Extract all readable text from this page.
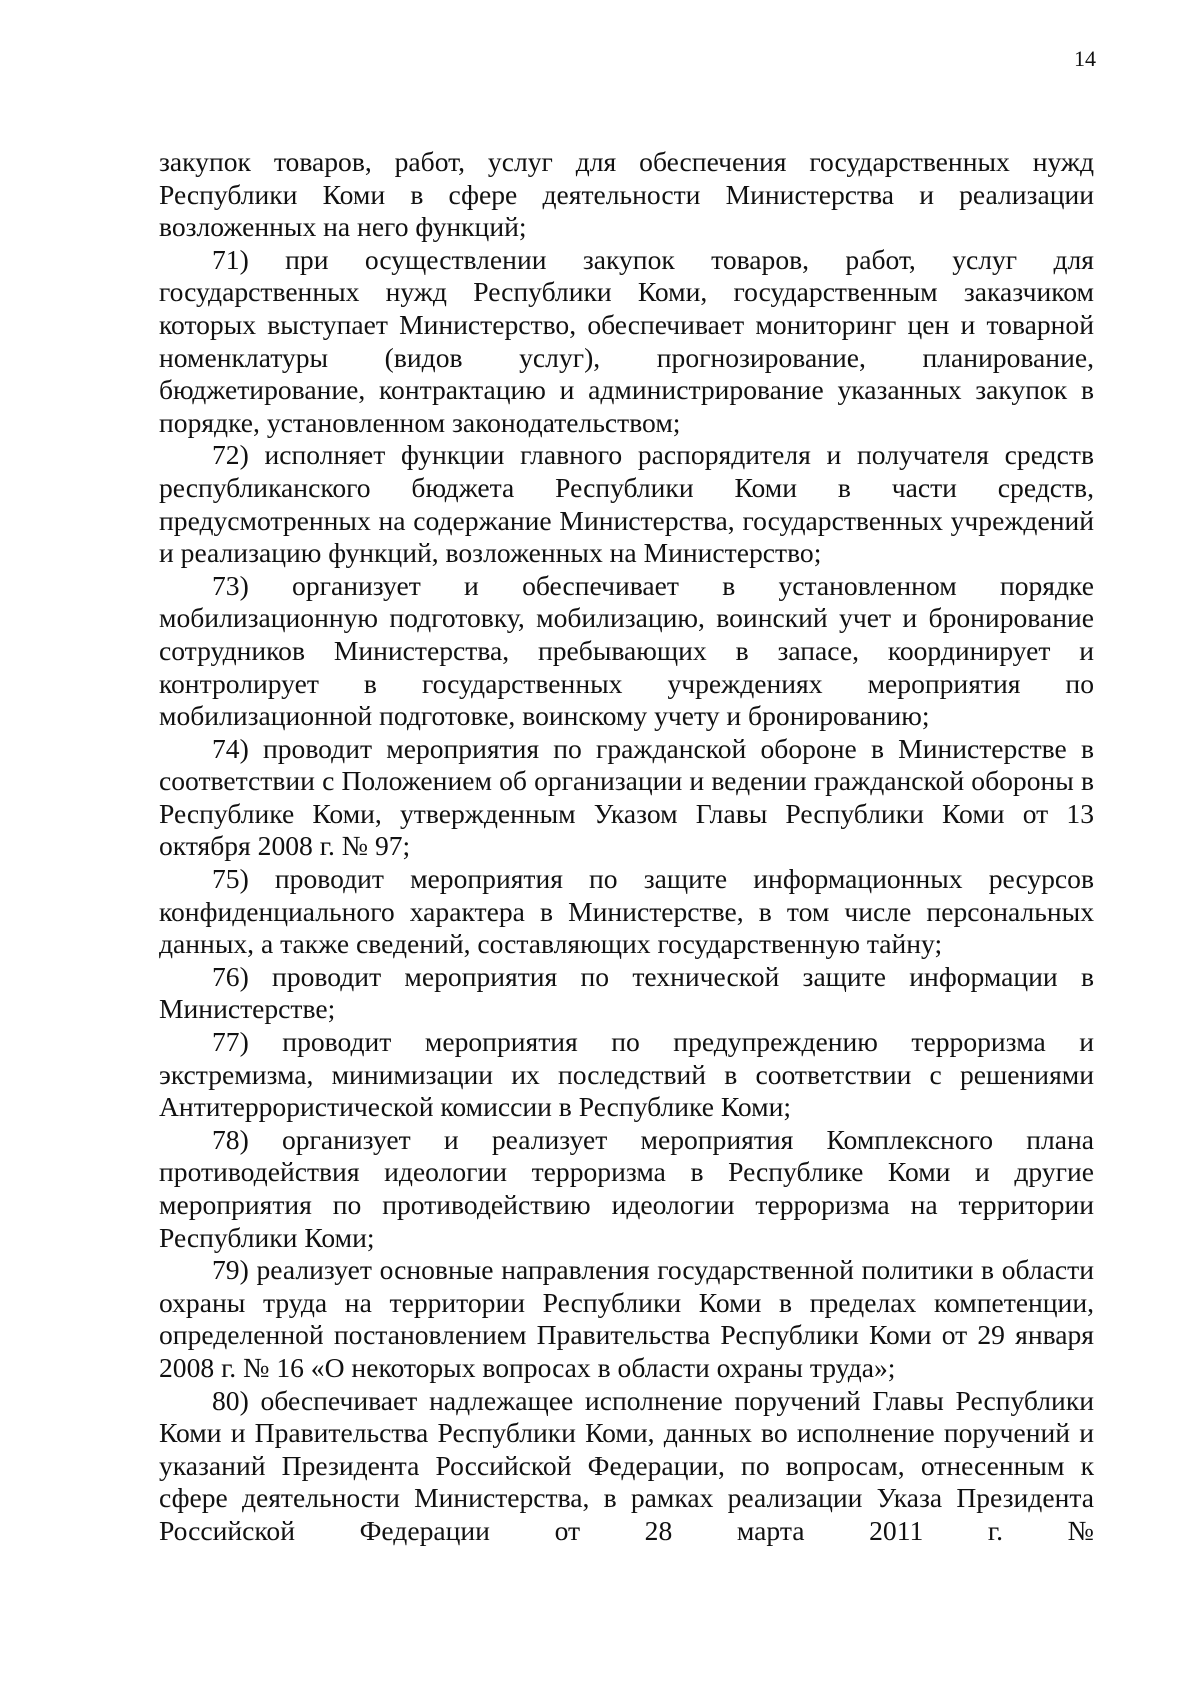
14

закупок товаров, работ, услуг для обеспечения государственных нужд Республики Коми в сфере деятельности Министерства и реализации возложенных на него функций;

71) при осуществлении закупок товаров, работ, услуг для государственных нужд Республики Коми, государственным заказчиком которых выступает Министерство, обеспечивает мониторинг цен и товарной номенклатуры (видов услуг), прогнозирование, планирование, бюджетирование, контрактацию и администрирование указанных закупок в порядке, установленном законодательством;

72) исполняет функции главного распорядителя и получателя средств республиканского бюджета Республики Коми в части средств, предусмотренных на содержание Министерства, государственных учреждений и реализацию функций, возложенных на Министерство;

73) организует и обеспечивает в установленном порядке мобилизационную подготовку, мобилизацию, воинский учет и бронирование сотрудников Министерства, пребывающих в запасе, координирует и контролирует в государственных учреждениях мероприятия по мобилизационной подготовке, воинскому учету и бронированию;

74) проводит мероприятия по гражданской обороне в Министерстве в соответствии с Положением об организации и ведении гражданской обороны в Республике Коми, утвержденным Указом Главы Республики Коми от 13 октября 2008 г. № 97;

75) проводит мероприятия по защите информационных ресурсов конфиденциального характера в Министерстве, в том числе персональных данных, а также сведений, составляющих государственную тайну;

76) проводит мероприятия по технической защите информации в Министерстве;

77) проводит мероприятия по предупреждению терроризма и экстремизма, минимизации их последствий в соответствии с решениями Антитеррористической комиссии в Республике Коми;

78) организует и реализует мероприятия Комплексного плана противодействия идеологии терроризма в Республике Коми и другие мероприятия по противодействию идеологии терроризма на территории Республики Коми;

79) реализует основные направления государственной политики в области охраны труда на территории Республики Коми в пределах компетенции, определенной постановлением Правительства Республики Коми от 29 января 2008 г. № 16 «О некоторых вопросах в области охраны труда»;

80) обеспечивает надлежащее исполнение поручений Главы Республики Коми и Правительства Республики Коми, данных во исполнение поручений и указаний Президента Российской Федерации, по вопросам, отнесенным к сфере деятельности Министерства, в рамках реализации Указа Президента Российской Федерации от 28 марта 2011 г. №
